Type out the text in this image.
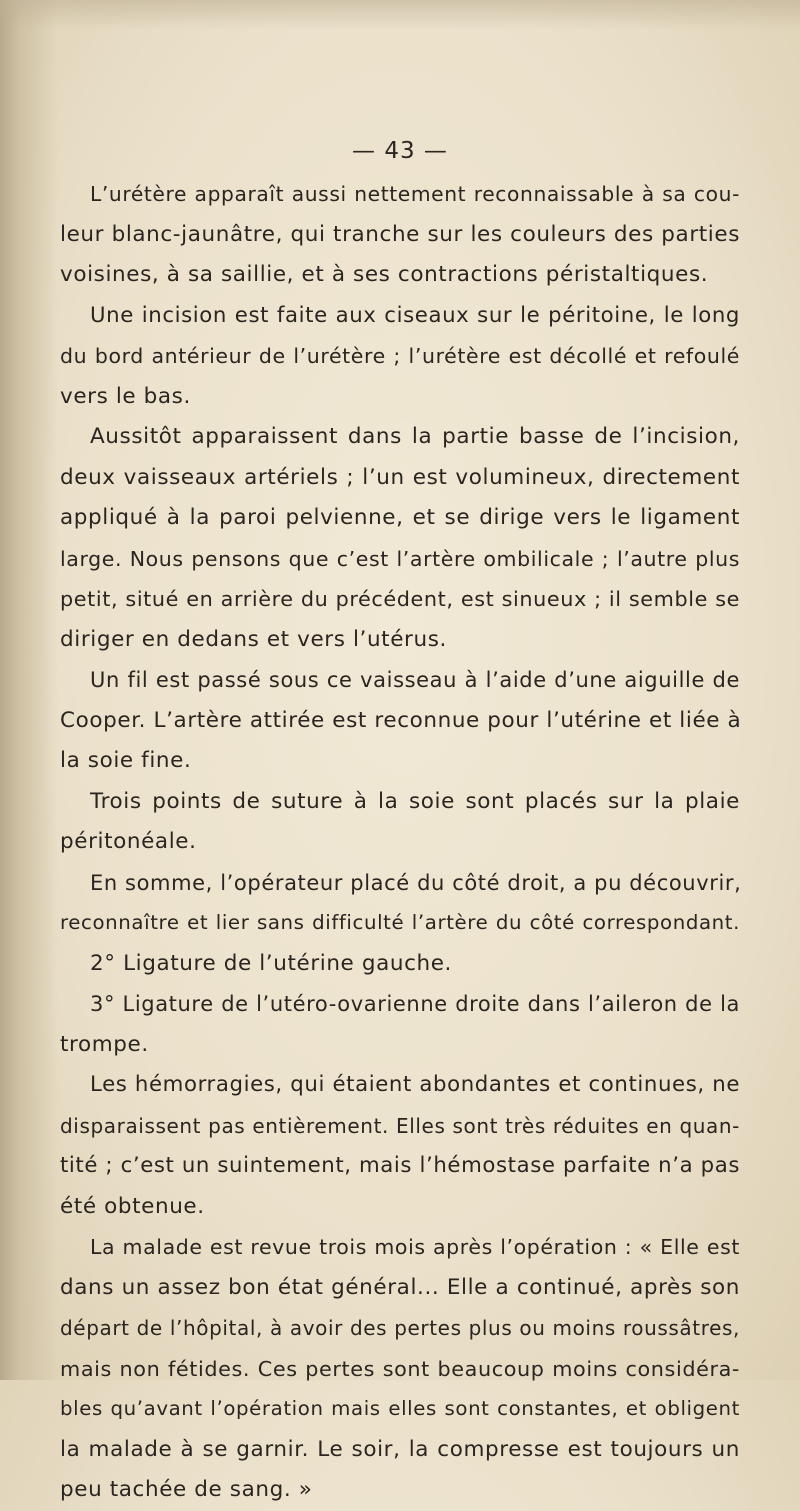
— 43 —
L’urétère apparaît aussi nettement reconnaissable à sa cou-
leur blanc-jaunâtre, qui tranche sur les couleurs des parties
voisines, à sa saillie, et à ses contractions péristaltiques.
Une incision est faite aux ciseaux sur le péritoine, le long
du bord antérieur de l’urétère ; l’urétère est décollé et refoulé
vers le bas.
Aussitôt apparaissent dans la partie basse de l’incision,
deux vaisseaux artériels ; l’un est volumineux, directement
appliqué à la paroi pelvienne, et se dirige vers le ligament
large. Nous pensons que c’est l’artère ombilicale ; l’autre plus
petit, situé en arrière du précédent, est sinueux ; il semble se
diriger en dedans et vers l’utérus.
Un fil est passé sous ce vaisseau à l’aide d’une aiguille de
Cooper. L’artère attirée est reconnue pour l’utérine et liée à
la soie fine.
Trois points de suture à la soie sont placés sur la plaie
péritonéale.
En somme, l’opérateur placé du côté droit, a pu découvrir,
reconnaître et lier sans difficulté l’artère du côté correspondant.
2° Ligature de l’utérine gauche.
3° Ligature de l’utéro-ovarienne droite dans l’aileron de la
trompe.
Les hémorragies, qui étaient abondantes et continues, ne
disparaissent pas entièrement. Elles sont très réduites en quan-
tité ; c’est un suintement, mais l’hémostase parfaite n’a pas
été obtenue.
La malade est revue trois mois après l’opération : « Elle est
dans un assez bon état général... Elle a continué, après son
départ de l’hôpital, à avoir des pertes plus ou moins roussâtres,
mais non fétides. Ces pertes sont beaucoup moins considéra-
bles qu’avant l’opération mais elles sont constantes, et obligent
la malade à se garnir. Le soir, la compresse est toujours un
peu tachée de sang. »
